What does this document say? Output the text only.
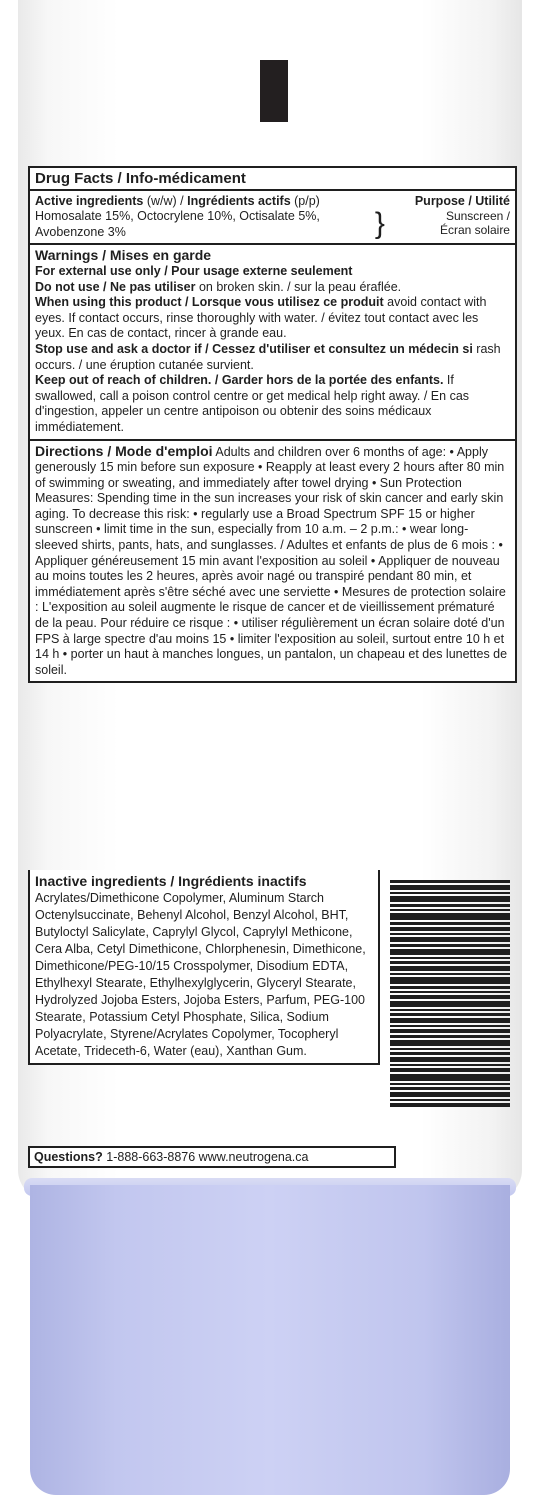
Drug Facts / Info-médicament
Active ingredients (w/w) / Ingrédients actifs (p/p)	Purpose / Utilité
Homosalate 15%, Octocrylene 10%, Octisalate 5%,
Avobenzone 3%	}	Sunscreen /
Écran solaire
Warnings / Mises en garde
For external use only / Pour usage externe seulement
Do not use / Ne pas utiliser on broken skin. / sur la peau éraflée.
When using this product / Lorsque vous utilisez ce produit avoid contact with eyes. If contact occurs, rinse thoroughly with water. / évitez tout contact avec les yeux. En cas de contact, rincer à grande eau.
Stop use and ask a doctor if / Cessez d'utiliser et consultez un médecin si rash occurs. / une éruption cutanée survient.
Keep out of reach of children. / Garder hors de la portée des enfants. If swallowed, call a poison control centre or get medical help right away. / En cas d'ingestion, appeler un centre antipoison ou obtenir des soins médicaux immédiatement.
Directions / Mode d'emploi Adults and children over 6 months of age: • Apply generously 15 min before sun exposure • Reapply at least every 2 hours after 80 min of swimming or sweating, and immediately after towel drying • Sun Protection Measures: Spending time in the sun increases your risk of skin cancer and early skin aging. To decrease this risk: • regularly use a Broad Spectrum SPF 15 or higher sunscreen • limit time in the sun, especially from 10 a.m. – 2 p.m.: • wear long-sleeved shirts, pants, hats, and sunglasses. / Adultes et enfants de plus de 6 mois : • Appliquer généreusement 15 min avant l'exposition au soleil • Appliquer de nouveau au moins toutes les 2 heures, après avoir nagé ou transpiré pendant 80 min, et immédiatement après s'être séché avec une serviette • Mesures de protection solaire : L'exposition au soleil augmente le risque de cancer et de vieillissement prématuré de la peau. Pour réduire ce risque : • utiliser régulièrement un écran solaire doté d'un FPS à large spectre d'au moins 15 • limiter l'exposition au soleil, surtout entre 10 h et 14 h • porter un haut à manches longues, un pantalon, un chapeau et des lunettes de soleil.
Inactive ingredients / Ingrédients inactifs
Acrylates/Dimethicone Copolymer, Aluminum Starch Octenylsuccinate, Behenyl Alcohol, Benzyl Alcohol, BHT, Butyloctyl Salicylate, Caprylyl Glycol, Caprylyl Methicone, Cera Alba, Cetyl Dimethicone, Chlorphenesin, Dimethicone, Dimethicone/PEG-10/15 Crosspolymer, Disodium EDTA, Ethylhexyl Stearate, Ethylhexylglycerin, Glyceryl Stearate, Hydrolyzed Jojoba Esters, Jojoba Esters, Parfum, PEG-100 Stearate, Potassium Cetyl Phosphate, Silica, Sodium Polyacrylate, Styrene/Acrylates Copolymer, Tocopheryl Acetate, Trideceth-6, Water (eau), Xanthan Gum.
Questions? 1-888-663-8876 www.neutrogena.ca
